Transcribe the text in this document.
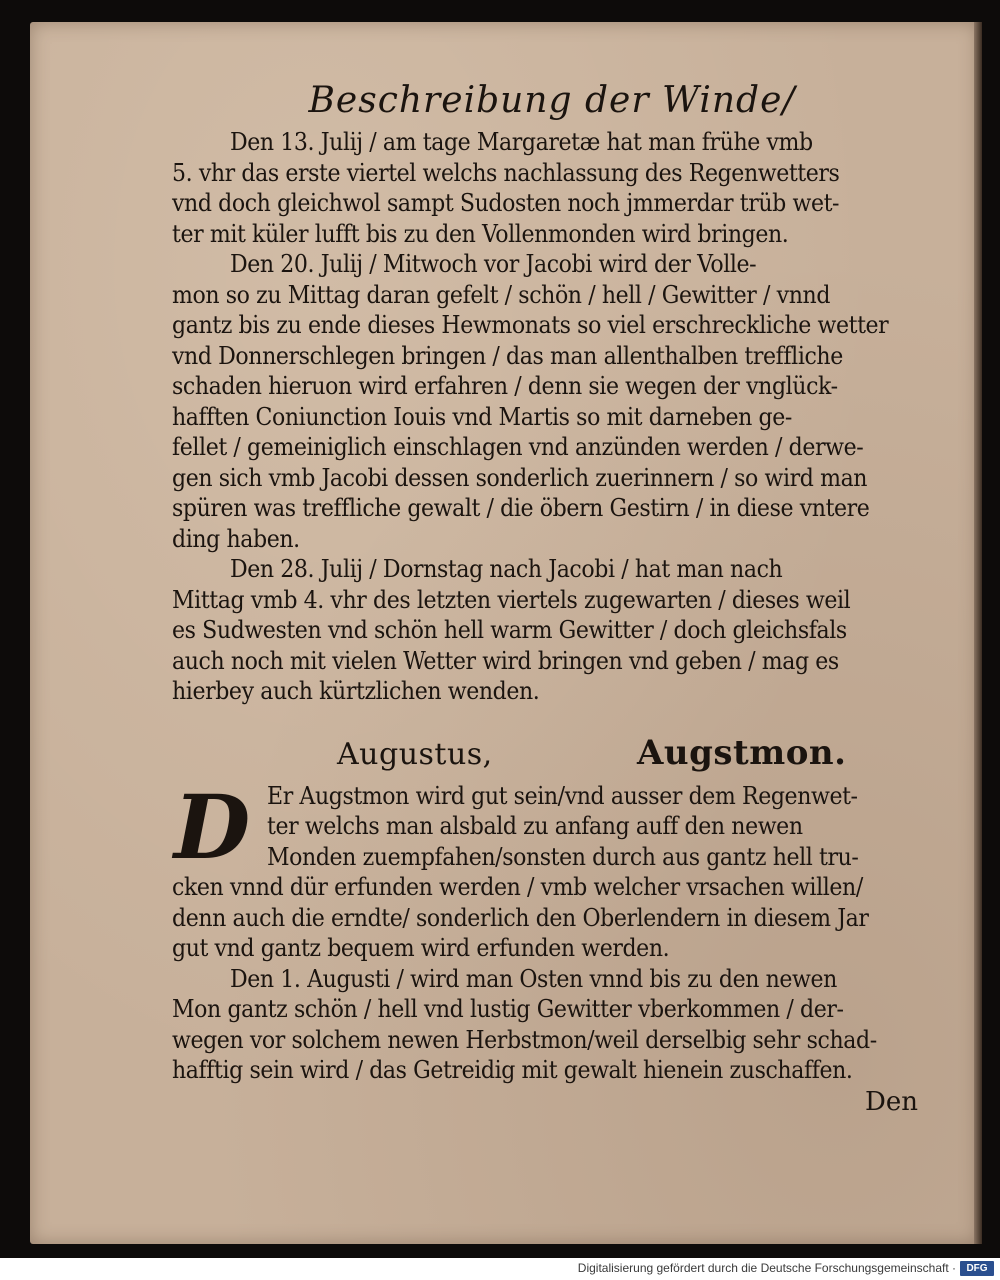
Beschreibung der Winde/
Den 13. Julij / am tage Margaretæ hat man frühe vmb
5. vhr das erste viertel welchs nachlassung des Regenwetters
vnd doch gleichwol sampt Sudosten noch jmmerdar trüb wet-
ter mit küler lufft bis zu den Vollenmonden wird bringen.
Den 20. Julij / Mitwoch vor Jacobi wird der Volle-
mon so zu Mittag daran gefelt / schön / hell / Gewitter / vnnd
gantz bis zu ende dieses Hewmonats so viel erschreckliche wetter
vnd Donnerschlegen bringen / das man allenthalben treffliche
schaden hieruon wird erfahren / denn sie wegen der vnglück-
hafften Coniunction Iouis vnd Martis so mit darneben ge-
fellet / gemeiniglich einschlagen vnd anzünden werden / derwe-
gen sich vmb Jacobi dessen sonderlich zuerinnern / so wird man
spüren was treffliche gewalt / die öbern Gestirn / in diese vntere
ding haben.
Den 28. Julij / Dornstag nach Jacobi / hat man nach
Mittag vmb 4. vhr des letzten viertels zugewarten / dieses weil
es Sudwesten vnd schön hell warm Gewitter / doch gleichsfals
auch noch mit vielen Wetter wird bringen vnd geben / mag es
hierbey auch kürtzlichen wenden.
Augustus,	Augstmon.
D Er Augstmon wird gut sein/vnd ausser dem Regenwet-
ter welchs man alsbald zu anfang auff den newen
Monden zuempfahen/sonsten durch aus gantz hell tru-
cken vnnd dür erfunden werden / vmb welcher vrsachen willen/
denn auch die erndte/ sonderlich den Oberlendern in diesem Jar
gut vnd gantz bequem wird erfunden werden.
Den 1. Augusti / wird man Osten vnnd bis zu den newen
Mon gantz schön / hell vnd lustig Gewitter vberkommen / der-
wegen vor solchem newen Herbstmon/weil derselbig sehr schad-
hafftig sein wird / das Getreidig mit gewalt hienein zuschaffen.
Den
Digitalisierung gefördert durch die Deutsche Forschungsgemeinschaft ·	DFG
